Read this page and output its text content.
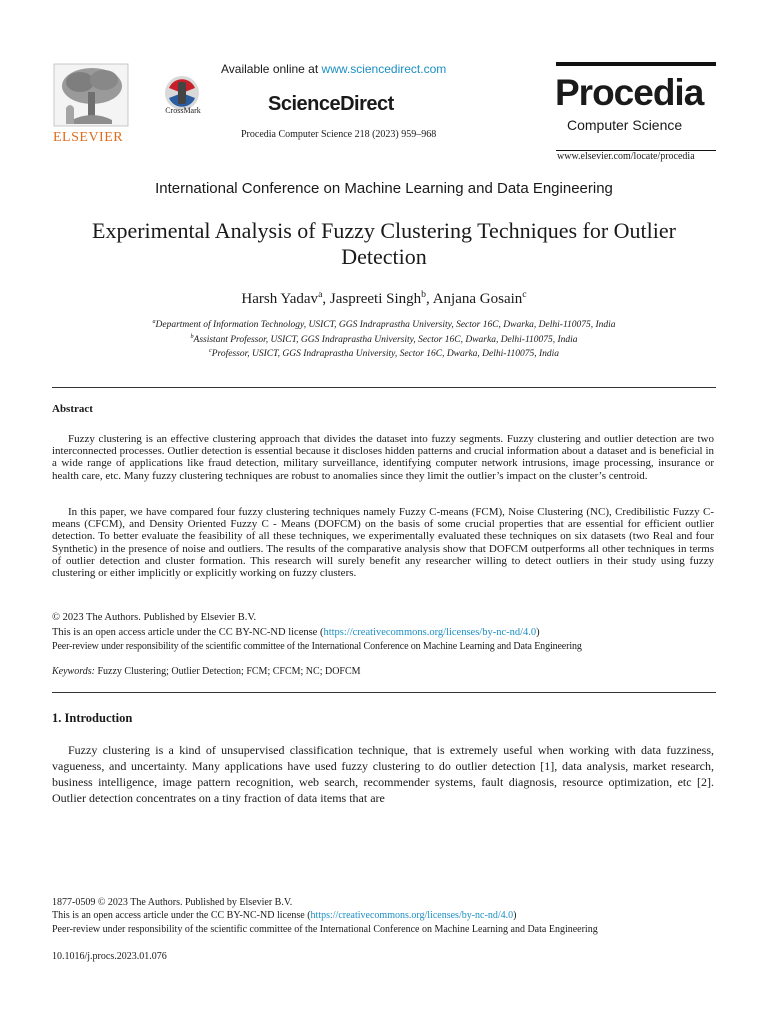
ELSEVIER
CrossMark
Available online at www.sciencedirect.com
ScienceDirect
Procedia Computer Science 218 (2023) 959–968
Procedia
Computer Science
www.elsevier.com/locate/procedia
International Conference on Machine Learning and Data Engineering
Experimental Analysis of Fuzzy Clustering Techniques for Outlier
Detection
Harsh Yadav$^a$, Jaspreeti Singh$^b$, Anjana Gosain$^c$
$^a$Department of Information Technology, USICT, GGS Indraprastha University, Sector 16C, Dwarka, Delhi-110075, India
$^b$Assistant Professor, USICT, GGS Indraprastha University, Sector 16C, Dwarka, Delhi-110075, India
$^c$Professor, USICT, GGS Indraprastha University, Sector 16C, Dwarka, Delhi-110075, India
Abstract
Fuzzy clustering is an effective clustering approach that divides the dataset into fuzzy segments. Fuzzy clustering and outlier detection are two interconnected processes. Outlier detection is essential because it discloses hidden patterns and crucial information about a dataset and is beneficial in a wide range of applications like fraud detection, military surveillance, identifying computer network intrusions, image processing, insurance or health care, etc. Many fuzzy clustering techniques are robust to anomalies since they limit the outlier’s impact on the cluster’s centroid.
In this paper, we have compared four fuzzy clustering techniques namely Fuzzy C-means (FCM), Noise Clustering (NC), Credibilistic Fuzzy C-means (CFCM), and Density Oriented Fuzzy C - Means (DOFCM) on the basis of some crucial properties that are essential for efficient outlier detection. To better evaluate the feasibility of all these techniques, we experimentally evaluated these techniques on six datasets (two Real and four Synthetic) in the presence of noise and outliers. The results of the comparative analysis show that DOFCM outperforms all other techniques in terms of outlier detection and cluster formation. This research will surely benefit any researcher willing to detect outliers in their study using fuzzy clustering or either implicitly or explicitly working on fuzzy clusters.
© 2023 The Authors. Published by Elsevier B.V.
This is an open access article under the CC BY-NC-ND license (https://creativecommons.org/licenses/by-nc-nd/4.0)
Peer-review under responsibility of the scientific committee of the International Conference on Machine Learning and Data Engineering
Keywords: Fuzzy Clustering; Outlier Detection; FCM; CFCM; NC; DOFCM
1. Introduction
Fuzzy clustering is a kind of unsupervised classification technique, that is extremely useful when working with data fuzziness, vagueness, and uncertainty. Many applications have used fuzzy clustering to do outlier detection [1], data analysis, market research, business intelligence, image pattern recognition, web search, recommender systems, fault diagnosis, resource optimization, etc [2]. Outlier detection concentrates on a tiny fraction of data items that are
1877-0509 © 2023 The Authors. Published by Elsevier B.V.
This is an open access article under the CC BY-NC-ND license (https://creativecommons.org/licenses/by-nc-nd/4.0)
Peer-review under responsibility of the scientific committee of the International Conference on Machine Learning and Data Engineering
10.1016/j.procs.2023.01.076
